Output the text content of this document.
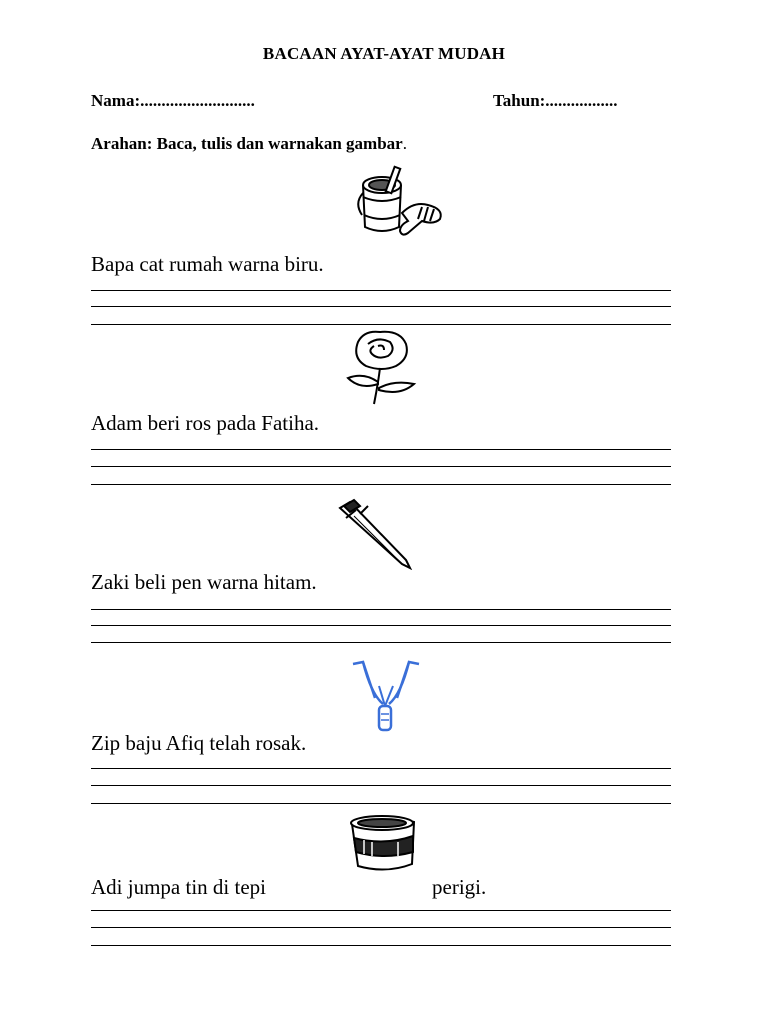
BACAAN AYAT-AYAT MUDAH
Nama:...........................	Tahun:.................
Arahan: Baca, tulis dan warnakan gambar.
Bapa cat rumah warna biru.
Adam beri ros pada Fatiha.
Zaki beli pen warna hitam.
Zip baju Afiq telah rosak.
Adi jumpa tin di tepi	perigi.
